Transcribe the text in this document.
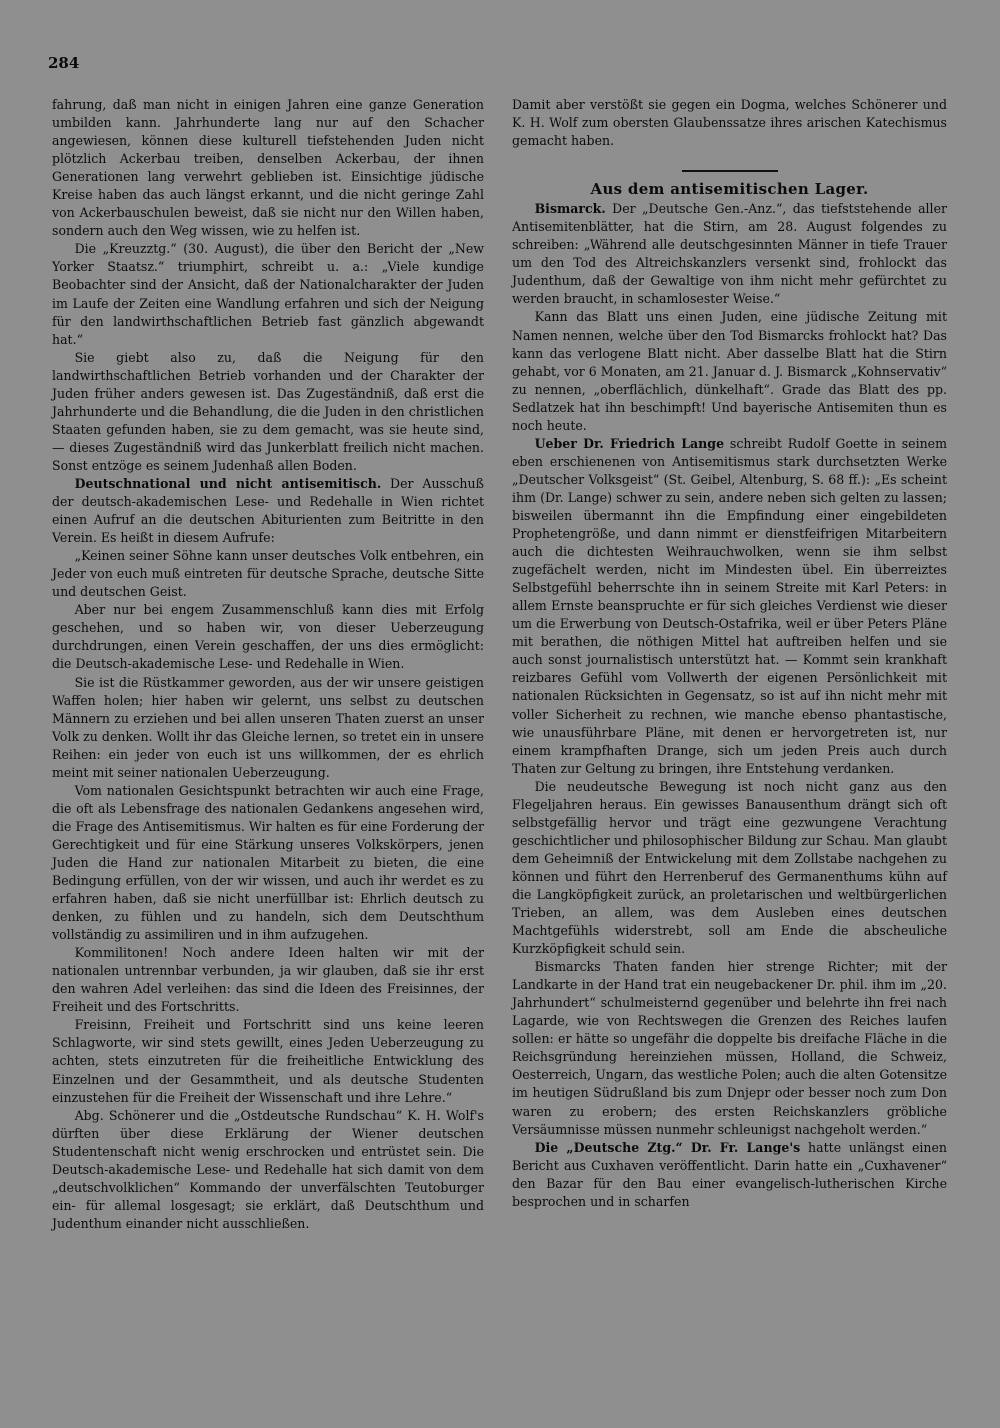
284

fahrung, daß man nicht in einigen Jahren eine ganze Generation umbilden kann. Jahrhunderte lang nur auf den Schacher angewiesen, können diese kulturell tiefstehenden Juden nicht plötzlich Ackerbau treiben, denselben Ackerbau, der ihnen Generationen lang verwehrt geblieben ist. Einsichtige jüdische Kreise haben das auch längst erkannt, und die nicht geringe Zahl von Ackerbauschulen beweist, daß sie nicht nur den Willen haben, sondern auch den Weg wissen, wie zu helfen ist.

Die „Kreuzztg.“ (30. August), die über den Bericht der „New Yorker Staatsz.“ triumphirt, schreibt u. a.: „Viele kundige Beobachter sind der Ansicht, daß der Nationalcharakter der Juden im Laufe der Zeiten eine Wandlung erfahren und sich der Neigung für den landwirthschaftlichen Betrieb fast gänzlich abgewandt hat.“

Sie giebt also zu, daß die Neigung für den landwirthschaftlichen Betrieb vorhanden und der Charakter der Juden früher anders gewesen ist. Das Zugeständniß, daß erst die Jahrhunderte und die Behandlung, die die Juden in den christlichen Staaten gefunden haben, sie zu dem gemacht, was sie heute sind, — dieses Zugeständniß wird das Junkerblatt freilich nicht machen. Sonst entzöge es seinem Judenhaß allen Boden.

Deutschnational und nicht antisemitisch. Der Ausschuß der deutsch-akademischen Lese- und Redehalle in Wien richtet einen Aufruf an die deutschen Abiturienten zum Beitritte in den Verein. Es heißt in diesem Aufrufe:

„Keinen seiner Söhne kann unser deutsches Volk entbehren, ein Jeder von euch muß eintreten für deutsche Sprache, deutsche Sitte und deutschen Geist.

Aber nur bei engem Zusammenschluß kann dies mit Erfolg geschehen, und so haben wir, von dieser Ueberzeugung durchdrungen, einen Verein geschaffen, der uns dies ermöglicht: die Deutsch-akademische Lese- und Redehalle in Wien.

Sie ist die Rüstkammer geworden, aus der wir unsere geistigen Waffen holen; hier haben wir gelernt, uns selbst zu deutschen Männern zu erziehen und bei allen unseren Thaten zuerst an unser Volk zu denken. Wollt ihr das Gleiche lernen, so tretet ein in unsere Reihen: ein jeder von euch ist uns willkommen, der es ehrlich meint mit seiner nationalen Ueberzeugung.

Vom nationalen Gesichtspunkt betrachten wir auch eine Frage, die oft als Lebensfrage des nationalen Gedankens angesehen wird, die Frage des Antisemitismus. Wir halten es für eine Forderung der Gerechtigkeit und für eine Stärkung unseres Volkskörpers, jenen Juden die Hand zur nationalen Mitarbeit zu bieten, die eine Bedingung erfüllen, von der wir wissen, und auch ihr werdet es zu erfahren haben, daß sie nicht unerfüllbar ist: Ehrlich deutsch zu denken, zu fühlen und zu handeln, sich dem Deutschthum vollständig zu assimiliren und in ihm aufzugehen.

Kommilitonen! Noch andere Ideen halten wir mit der nationalen untrennbar verbunden, ja wir glauben, daß sie ihr erst den wahren Adel verleihen: das sind die Ideen des Freisinnes, der Freiheit und des Fortschritts.

Freisinn, Freiheit und Fortschritt sind uns keine leeren Schlagworte, wir sind stets gewillt, eines Jeden Ueberzeugung zu achten, stets einzutreten für die freiheitliche Entwicklung des Einzelnen und der Gesammtheit, und als deutsche Studenten einzustehen für die Freiheit der Wissenschaft und ihre Lehre.“

Abg. Schönerer und die „Ostdeutsche Rundschau“ K. H. Wolf's dürften über diese Erklärung der Wiener deutschen Studentenschaft nicht wenig erschrocken und entrüstet sein. Die Deutsch-akademische Lese- und Redehalle hat sich damit von dem „deutschvolklichen“ Kommando der unverfälschten Teutoburger ein- für allemal losgesagt; sie erklärt, daß Deutschthum und Judenthum einander nicht ausschließen.

Damit aber verstößt sie gegen ein Dogma, welches Schönerer und K. H. Wolf zum obersten Glaubenssatze ihres arischen Katechismus gemacht haben.

Aus dem antisemitischen Lager.

Bismarck. Der „Deutsche Gen.-Anz.“, das tiefststehende aller Antisemitenblätter, hat die Stirn, am 28. August folgendes zu schreiben: „Während alle deutschgesinnten Männer in tiefe Trauer um den Tod des Altreichskanzlers versenkt sind, frohlockt das Judenthum, daß der Gewaltige von ihm nicht mehr gefürchtet zu werden braucht, in schamlosester Weise.“

Kann das Blatt uns einen Juden, eine jüdische Zeitung mit Namen nennen, welche über den Tod Bismarcks frohlockt hat? Das kann das verlogene Blatt nicht. Aber dasselbe Blatt hat die Stirn gehabt, vor 6 Monaten, am 21. Januar d. J. Bismarck „Kohnservativ“ zu nennen, „oberflächlich, dünkelhaft“. Grade das Blatt des pp. Sedlatzek hat ihn beschimpft! Und bayerische Antisemiten thun es noch heute.

Ueber Dr. Friedrich Lange schreibt Rudolf Goette in seinem eben erschienenen von Antisemitismus stark durchsetzten Werke „Deutscher Volksgeist“ (St. Geibel, Altenburg, S. 68 ff.): „Es scheint ihm (Dr. Lange) schwer zu sein, andere neben sich gelten zu lassen; bisweilen übermannt ihn die Empfindung einer eingebildeten Prophetengröße, und dann nimmt er dienstfeifrigen Mitarbeitern auch die dichtesten Weihrauchwolken, wenn sie ihm selbst zugefächelt werden, nicht im Mindesten übel. Ein überreiztes Selbstgefühl beherrschte ihn in seinem Streite mit Karl Peters: in allem Ernste beanspruchte er für sich gleiches Verdienst wie dieser um die Erwerbung von Deutsch-Ostafrika, weil er über Peters Pläne mit berathen, die nöthigen Mittel hat auftreiben helfen und sie auch sonst journalistisch unterstützt hat. — Kommt sein krankhaft reizbares Gefühl vom Vollwerth der eigenen Persönlichkeit mit nationalen Rücksichten in Gegensatz, so ist auf ihn nicht mehr mit voller Sicherheit zu rechnen, wie manche ebenso phantastische, wie unausführbare Pläne, mit denen er hervorgetreten ist, nur einem krampfhaften Drange, sich um jeden Preis auch durch Thaten zur Geltung zu bringen, ihre Entstehung verdanken.

Die neudeutsche Bewegung ist noch nicht ganz aus den Flegeljahren heraus. Ein gewisses Banausenthum drängt sich oft selbstgefällig hervor und trägt eine gezwungene Verachtung geschichtlicher und philosophischer Bildung zur Schau. Man glaubt dem Geheimniß der Entwickelung mit dem Zollstabe nachgehen zu können und führt den Herrenberuf des Germanenthums kühn auf die Langköpfigkeit zurück, an proletarischen und weltbürgerlichen Trieben, an allem, was dem Ausleben eines deutschen Machtgefühls widerstrebt, soll am Ende die abscheuliche Kurzköpfigkeit schuld sein.

Bismarcks Thaten fanden hier strenge Richter; mit der Landkarte in der Hand trat ein neugebackener Dr. phil. ihm im „20. Jahrhundert“ schulmeisternd gegenüber und belehrte ihn frei nach Lagarde, wie von Rechtswegen die Grenzen des Reiches laufen sollen: er hätte so ungefähr die doppelte bis dreifache Fläche in die Reichsgründung hereinziehen müssen, Holland, die Schweiz, Oesterreich, Ungarn, das westliche Polen; auch die alten Gotensitze im heutigen Südrußland bis zum Dnjepr oder besser noch zum Don waren zu erobern; des ersten Reichskanzlers gröbliche Versäumnisse müssen nunmehr schleunigst nachgeholt werden.“

Die „Deutsche Ztg.“ Dr. Fr. Lange's hatte unlängst einen Bericht aus Cuxhaven veröffentlicht. Darin hatte ein „Cuxhavener“ den Bazar für den Bau einer evangelisch-lutherischen Kirche besprochen und in scharfen
